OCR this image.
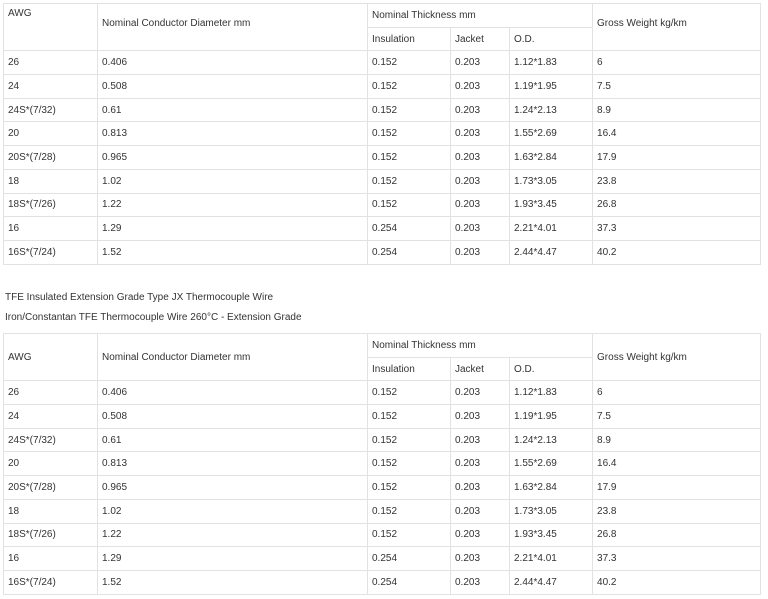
AWG	Nominal Conductor Diameter mm	Nominal Thickness mm			Gross Weight kg/km
		Insulation	Jacket	O.D.	
26	0.406	0.152	0.203	1.12*1.83	6
24	0.508	0.152	0.203	1.19*1.95	7.5
24S*(7/32)	0.61	0.152	0.203	1.24*2.13	8.9
20	0.813	0.152	0.203	1.55*2.69	16.4
20S*(7/28)	0.965	0.152	0.203	1.63*2.84	17.9
18	1.02	0.152	0.203	1.73*3.05	23.8
18S*(7/26)	1.22	0.152	0.203	1.93*3.45	26.8
16	1.29	0.254	0.203	2.21*4.01	37.3
16S*(7/24)	1.52	0.254	0.203	2.44*4.47	40.2
TFE Insulated Extension Grade Type JX Thermocouple Wire
Iron/Constantan TFE Thermocouple Wire 260°C - Extension Grade
AWG	Nominal Conductor Diameter mm	Nominal Thickness mm			Gross Weight kg/km
		Insulation	Jacket	O.D.	
26	0.406	0.152	0.203	1.12*1.83	6
24	0.508	0.152	0.203	1.19*1.95	7.5
24S*(7/32)	0.61	0.152	0.203	1.24*2.13	8.9
20	0.813	0.152	0.203	1.55*2.69	16.4
20S*(7/28)	0.965	0.152	0.203	1.63*2.84	17.9
18	1.02	0.152	0.203	1.73*3.05	23.8
18S*(7/26)	1.22	0.152	0.203	1.93*3.45	26.8
16	1.29	0.254	0.203	2.21*4.01	37.3
16S*(7/24)	1.52	0.254	0.203	2.44*4.47	40.2
